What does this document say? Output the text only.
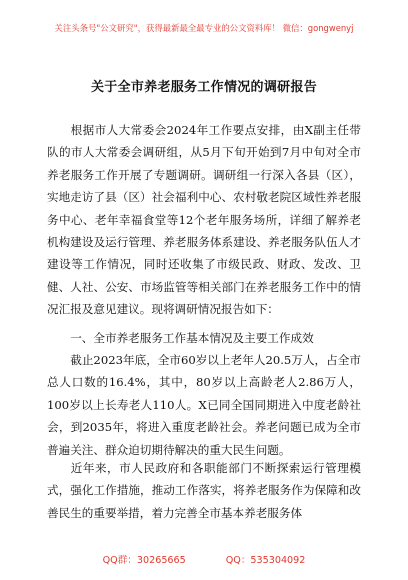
关注头条号"公文研究"，获得最新最全最专业的公文资料库！ 微信：gongwenyj
关于全市养老服务工作情况的调研报告

  根据市人大常委会2024年工作要点安排，由X副主任带队的市人大常委会调研组，从5月下旬开始到7月中旬对全市养老服务工作开展了专题调研。调研组一行深入各县（区），实地走访了县（区）社会福利中心、农村敬老院区域性养老服务中心、老年幸福食堂等12个老年服务场所，详细了解养老机构建设及运行管理、养老服务体系建设、养老服务队伍人才建设等工作情况，同时还收集了市级民政、财政、发改、卫健、人社、公安、市场监管等相关部门在养老服务工作中的情况汇报及意见建议。现将调研情况报告如下：

  一、全市养老服务工作基本情况及主要工作成效

  截止2023年底，全市60岁以上老年人20.5万人，占全市总人口数的16.4%，其中，80岁以上高龄老人2.86万人，100岁以上长寿老人110人。X已同全国同期进入中度老龄社会，到2035年，将进入重度老龄社会。养老问题已成为全市普遍关注、群众迫切期待解决的重大民生问题。

  近年来，市人民政府和各职能部门不断探索运行管理模式，强化工作措施，推动工作落实，将养老服务作为保障和改善民生的重要举措，着力完善全市基本养老服务体

QQ群：30265665	QQ：535304092
